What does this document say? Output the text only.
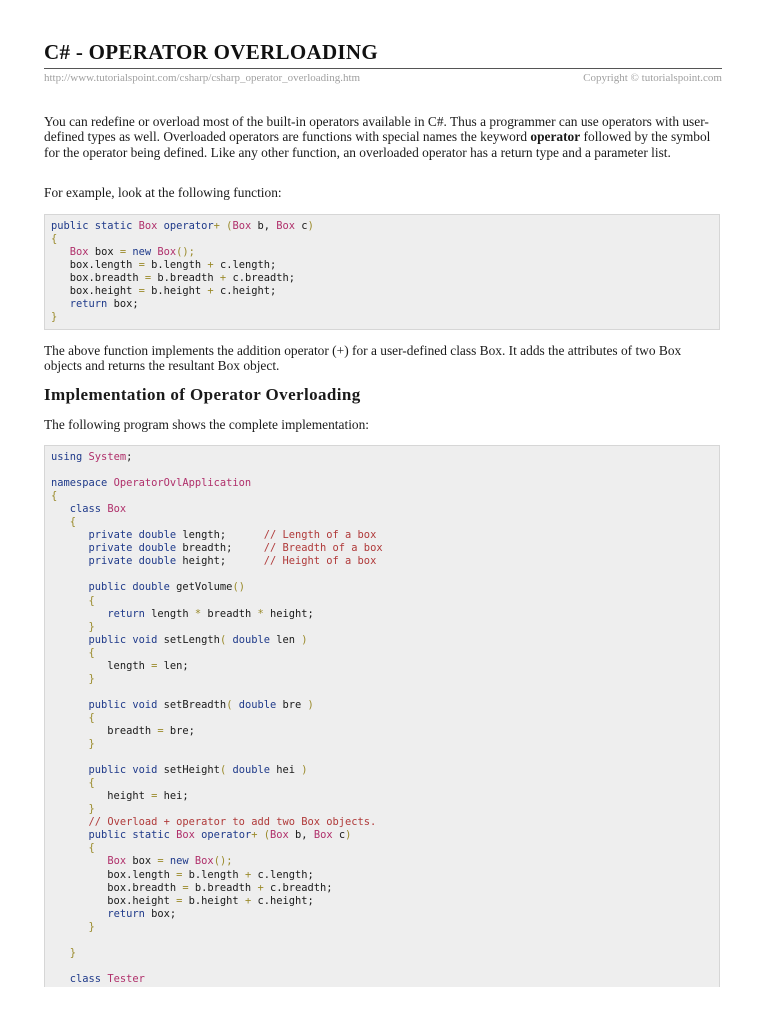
C# - OPERATOR OVERLOADING
http://www.tutorialspoint.com/csharp/csharp_operator_overloading.htm	Copyright © tutorialspoint.com

You can redefine or overload most of the built-in operators available in C#. Thus a programmer can use operators with user-defined types as well. Overloaded operators are functions with special names the keyword operator followed by the symbol for the operator being defined. Like any other function, an overloaded operator has a return type and a parameter list.

For example, look at the following function:

public static Box operator+ (Box b, Box c)
{
Box box = new Box();
box.length = b.length + c.length;
box.breadth = b.breadth + c.breadth;
box.height = b.height + c.height;
return box;
}

The above function implements the addition operator (+) for a user-defined class Box. It adds the attributes of two Box objects and returns the resultant Box object.

Implementation of Operator Overloading

The following program shows the complete implementation:

using System;

namespace OperatorOvlApplication
{
class Box
{
private double length;      // Length of a box
private double breadth;     // Breadth of a box
private double height;      // Height of a box

public double getVolume()
{
return length * breadth * height;
}
public void setLength( double len )
{
length = len;
}

public void setBreadth( double bre )
{
breadth = bre;
}

public void setHeight( double hei )
{
height = hei;
}
// Overload + operator to add two Box objects.
public static Box operator+ (Box b, Box c)
{
Box box = new Box();
box.length = b.length + c.length;
box.breadth = b.breadth + c.breadth;
box.height = b.height + c.height;
return box;
}

}

class Tester
